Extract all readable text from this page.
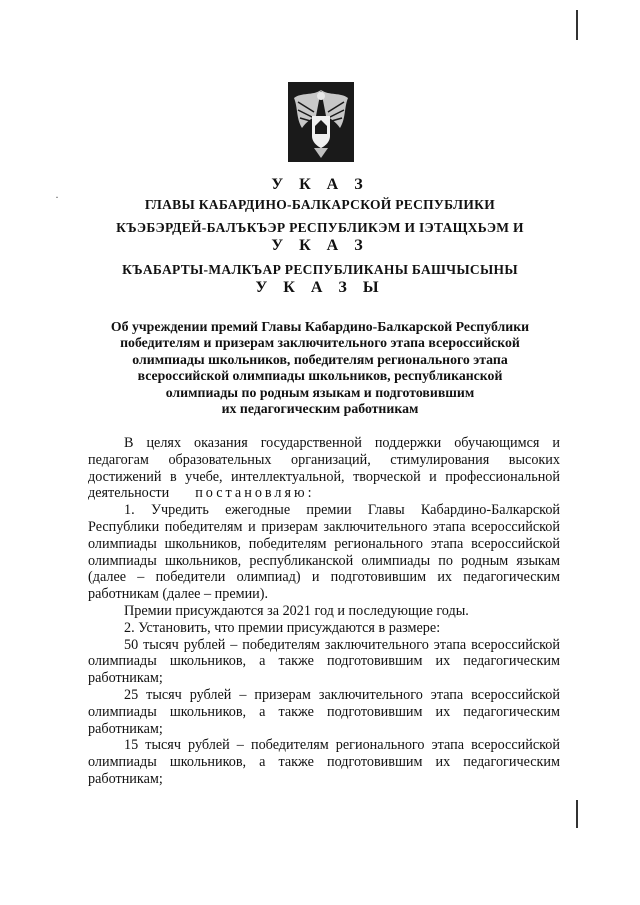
·
У К А З
ГЛАВЫ КАБАРДИНО-БАЛКАРСКОЙ РЕСПУБЛИКИ
КЪЭБЭРДЕЙ-БАЛЪКЪЭР РЕСПУБЛИКЭМ И ІЭТАЩХЬЭМ И
У К А З
КЪАБАРТЫ-МАЛКЪАР РЕСПУБЛИКАНЫ БАШЧЫСЫНЫ
У К А З Ы
Об учреждении премий Главы Кабардино-Балкарской Республики
победителям и призерам заключительного этапа всероссийской
олимпиады школьников, победителям регионального этапа
всероссийской олимпиады школьников, республиканской
олимпиады по родным языкам и подготовившим
их педагогическим работникам
В целях оказания государственной поддержки обучающимся и педагогам образовательных организаций, стимулирования высоких достижений в учебе, интеллектуальной, творческой и профессиональной деятельности постановляю:
1. Учредить ежегодные премии Главы Кабардино-Балкарской Республики победителям и призерам заключительного этапа всероссийской олимпиады школьников, победителям регионального этапа всероссийской олимпиады школьников, республиканской олимпиады по родным языкам (далее – победители олимпиад) и подготовившим их педагогическим работникам (далее – премии).
Премии присуждаются за 2021 год и последующие годы.
2. Установить, что премии присуждаются в размере:
50 тысяч рублей – победителям заключительного этапа всероссийской олимпиады школьников, а также подготовившим их педагогическим работникам;
25 тысяч рублей – призерам заключительного этапа всероссийской олимпиады школьников, а также подготовившим их педагогическим работникам;
15 тысяч рублей – победителям регионального этапа всероссийской олимпиады школьников, а также подготовившим их педагогическим работникам;
